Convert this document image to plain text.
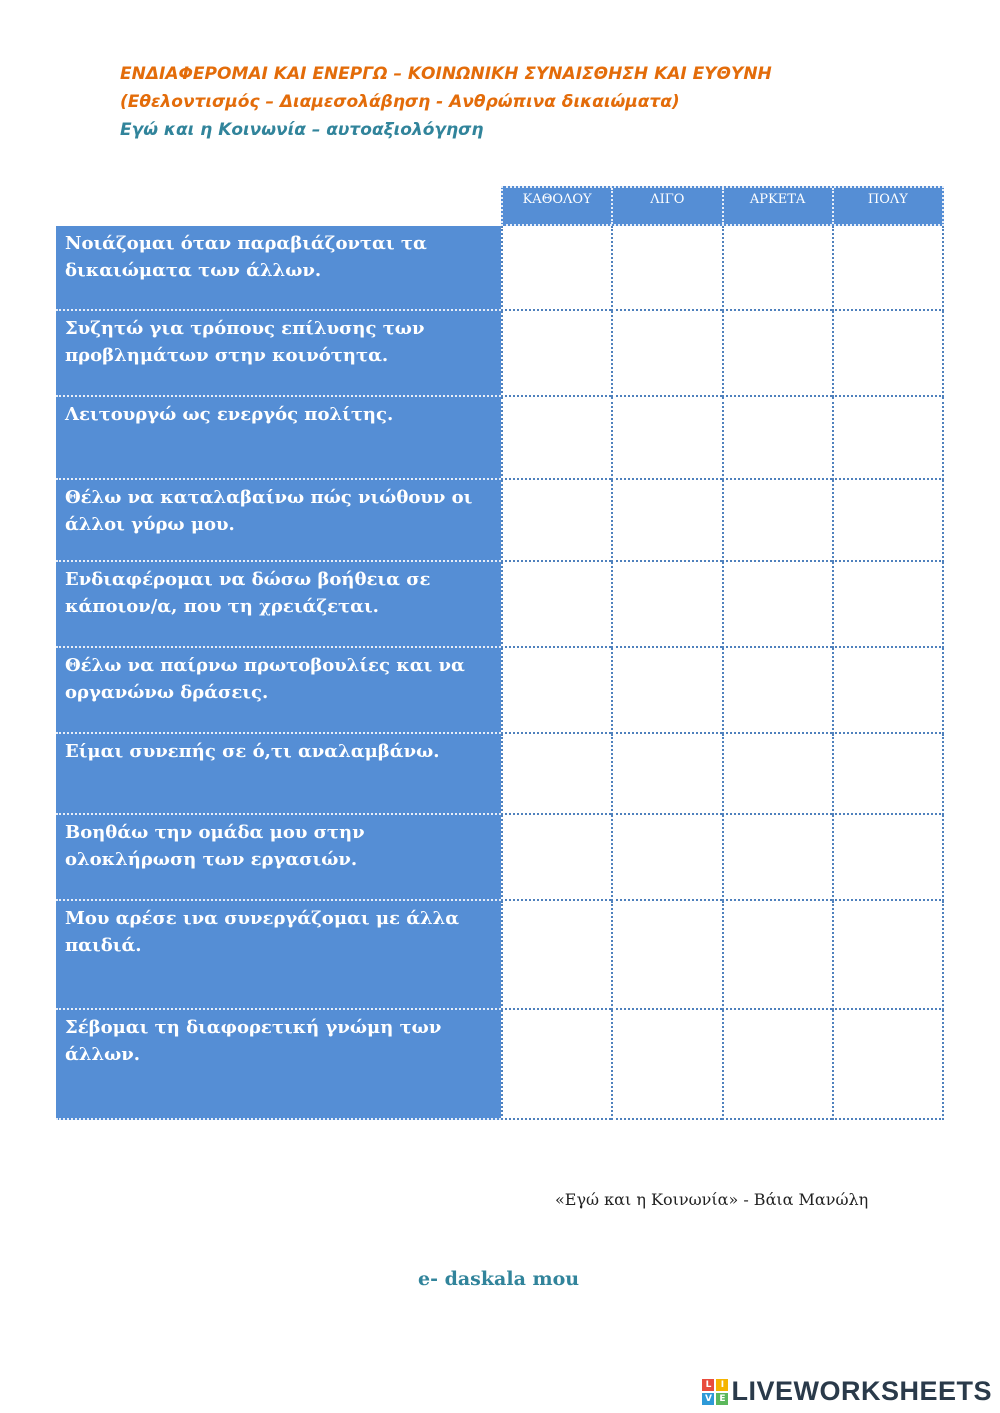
ΕΝΔΙΑΦΕΡΟΜΑΙ ΚΑΙ ΕΝΕΡΓΩ – ΚΟΙΝΩΝΙΚΗ ΣΥΝΑΙΣΘΗΣΗ ΚΑΙ ΕΥΘΥΝΗ
(Εθελοντισμός – Διαμεσολάβηση - Ανθρώπινα δικαιώματα)
Εγώ και η Κοινωνία – αυτοαξιολόγηση
ΚΑΘΟΛΟΥ	ΛΙΓΟ	ΑΡΚΕΤΑ	ΠΟΛΥ
Νοιάζομαι όταν παραβιάζονται τα δικαιώματα των άλλων.
Συζητώ για τρόπους επίλυσης των προβλημάτων στην κοινότητα.
Λειτουργώ ως ενεργός πολίτης.
Θέλω να καταλαβαίνω πώς νιώθουν οι άλλοι γύρω μου.
Ενδιαφέρομαι να δώσω βοήθεια σε κάποιον/α, που τη χρειάζεται.
Θέλω να παίρνω πρωτοβουλίες και να οργανώνω δράσεις.
Είμαι συνεπής σε ό,τι αναλαμβάνω.
Βοηθάω την ομάδα μου στην ολοκλήρωση των εργασιών.
Μου αρέσε ινα συνεργάζομαι με άλλα παιδιά.
Σέβομαι τη διαφορετική γνώμη των άλλων.
«Εγώ και η Κοινωνία» - Βάια Μανώλη
e- daskala mou
L	I
V E LIVEWORKSHEETS
